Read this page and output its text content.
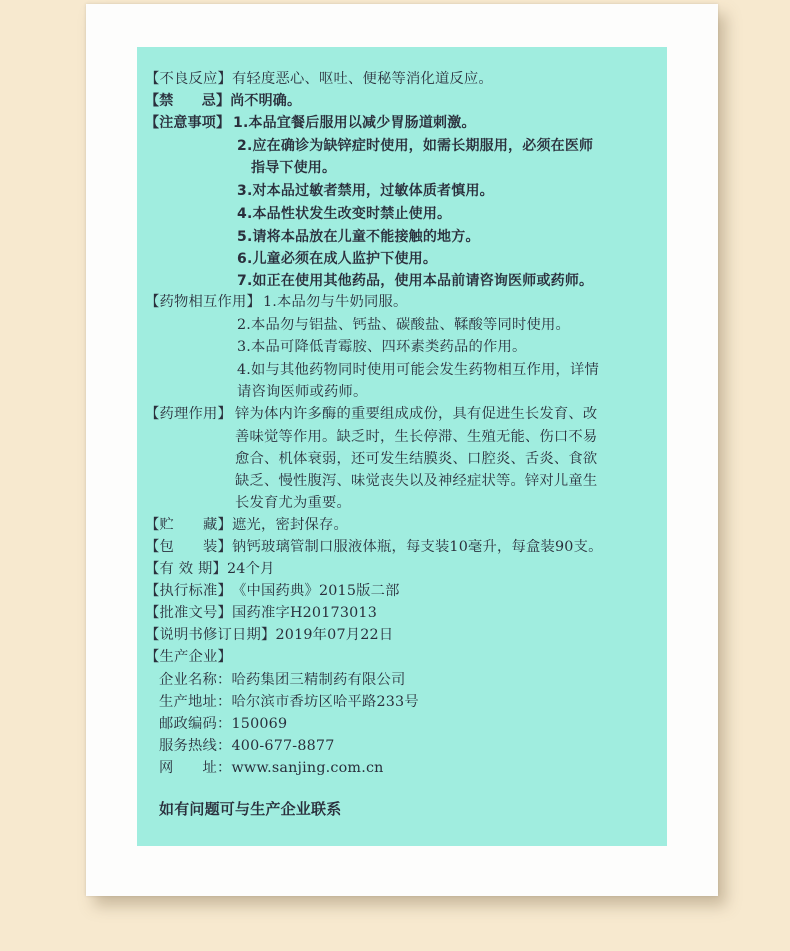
【不良反应】有轻度恶心、呕吐、便秘等消化道反应。
【禁　　忌】尚不明确。
【注意事项】 1.本品宜餐后服用以减少胃肠道刺激。
2.应在确诊为缺锌症时使用，如需长期服用，必须在医师
指导下使用。
3.对本品过敏者禁用，过敏体质者慎用。
4.本品性状发生改变时禁止使用。
5.请将本品放在儿童不能接触的地方。
6.儿童必须在成人监护下使用。
7.如正在使用其他药品，使用本品前请咨询医师或药师。
【药物相互作用】 1.本品勿与牛奶同服。
2.本品勿与铝盐、钙盐、碳酸盐、鞣酸等同时使用。
3.本品可降低青霉胺、四环素类药品的作用。
4.如与其他药物同时使用可能会发生药物相互作用，详情
请咨询医师或药师。
【药理作用】 锌为体内许多酶的重要组成成份，具有促进生长发育、改
善味觉等作用。缺乏时，生长停滞、生殖无能、伤口不易
愈合、机体衰弱，还可发生结膜炎、口腔炎、舌炎、食欲
缺乏、慢性腹泻、味觉丧失以及神经症状等。锌对儿童生
长发育尤为重要。
【贮　　藏】遮光，密封保存。
【包　　装】钠钙玻璃管制口服液体瓶，每支装10毫升，每盒装90支。
【有 效 期】24个月
【执行标准】《中国药典》2015版二部
【批准文号】国药准字H20173013
【说明书修订日期】2019年07月22日
【生产企业】
企业名称：哈药集团三精制药有限公司
生产地址：哈尔滨市香坊区哈平路233号
邮政编码：150069
服务热线：400-677-8877
网　　址：www.sanjing.com.cn
如有问题可与生产企业联系
